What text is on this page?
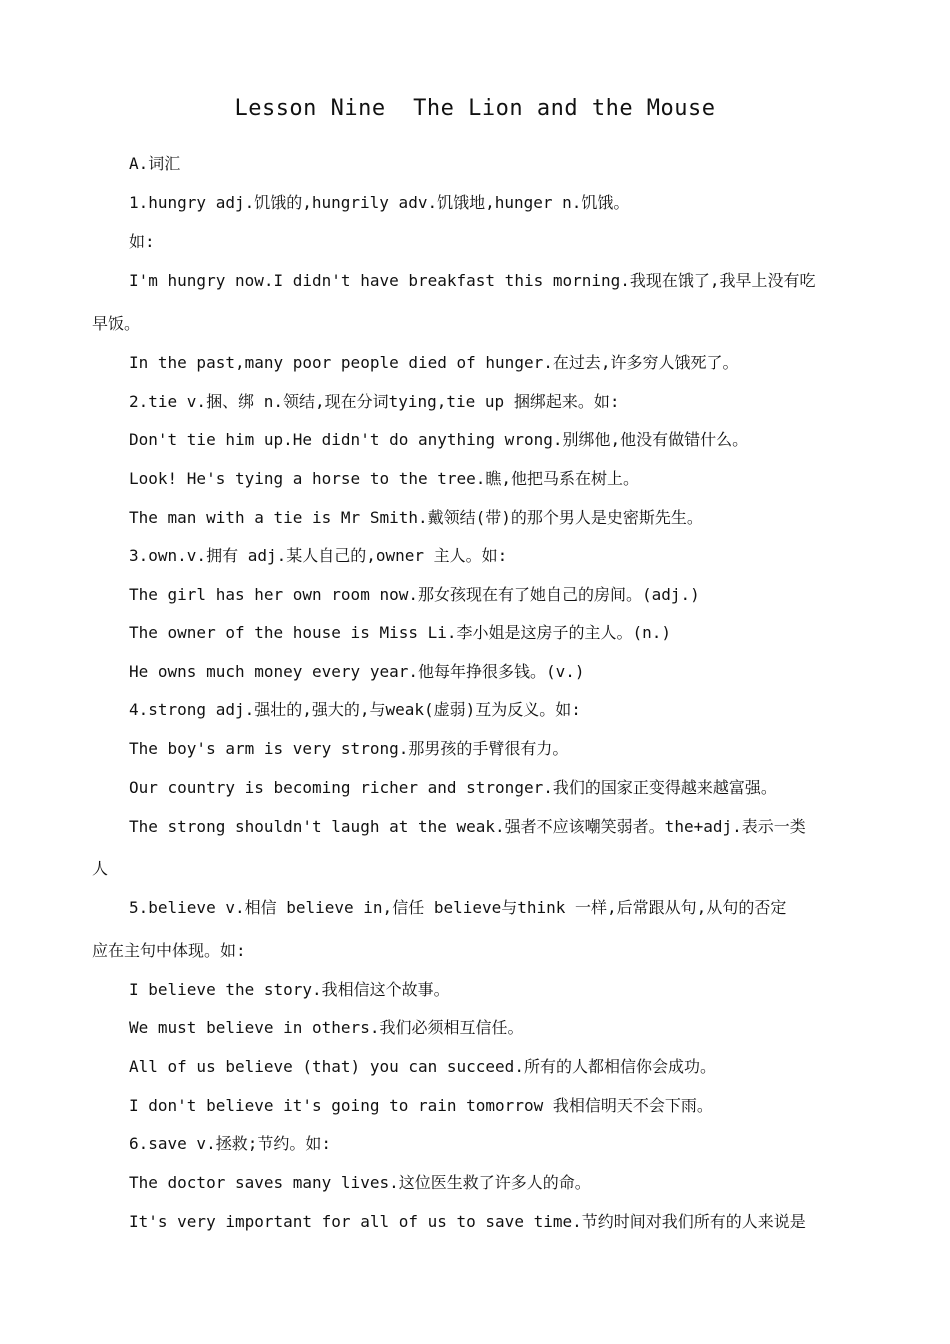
Lesson Nine  The Lion and the Mouse
A.词汇
1.hungry adj.饥饿的,hungrily adv.饥饿地,hunger n.饥饿。
如:
I'm hungry now.I didn't have breakfast this morning.我现在饿了,我早上没有吃
早饭。
In the past,many poor people died of hunger.在过去,许多穷人饿死了。
2.tie v.捆、绑 n.领结,现在分词tying,tie up 捆绑起来。如:
Don't tie him up.He didn't do anything wrong.别绑他,他没有做错什么。
Look! He's tying a horse to the tree.瞧,他把马系在树上。
The man with a tie is Mr Smith.戴领结(带)的那个男人是史密斯先生。
3.own.v.拥有 adj.某人自己的,owner 主人。如:
The girl has her own room now.那女孩现在有了她自己的房间。(adj.)
The owner of the house is Miss Li.李小姐是这房子的主人。(n.)
He owns much money every year.他每年挣很多钱。(v.)
4.strong adj.强壮的,强大的,与weak(虚弱)互为反义。如:
The boy's arm is very strong.那男孩的手臂很有力。
Our country is becoming richer and stronger.我们的国家正变得越来越富强。
The strong shouldn't laugh at the weak.强者不应该嘲笑弱者。the+adj.表示一类
人
5.believe v.相信 believe in,信任 believe与think 一样,后常跟从句,从句的否定
应在主句中体现。如:
I believe the story.我相信这个故事。
We must believe in others.我们必须相互信任。
All of us believe (that) you can succeed.所有的人都相信你会成功。
I don't believe it's going to rain tomorrow 我相信明天不会下雨。
6.save v.拯救;节约。如:
The doctor saves many lives.这位医生救了许多人的命。
It's very important for all of us to save time.节约时间对我们所有的人来说是
